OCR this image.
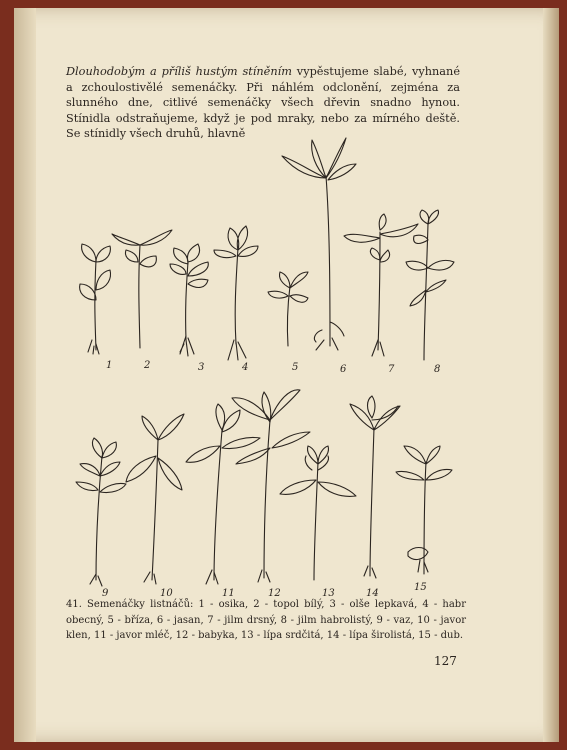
Dlouhodobým a příliš hustým stíněním vypěstujeme slabé, vyhnané a zchoulostivělé semenáčky. Při náhlém odclonění, zejména za slunného dne, citlivé semenáčky všech dřevin snadno hynou. Stínidla odstraňujeme, když je pod mraky, nebo za mírného deště. Se stínidly všech druhů, hlavně
1	2	3	4	5	6	7	8
9	10	11	12	13	14
15
41. Semenáčky listnáčů: 1 - osika, 2 - topol bílý, 3 - olše lepkavá, 4 - habr obecný, 5 - bříza, 6 - jasan, 7 - jilm drsný, 8 - jilm habrolistý, 9 - vaz, 10 - javor klen, 11 - javor mléč, 12 - babyka, 13 - lípa srdčitá, 14 - lípa širolistá, 15 - dub.
127
